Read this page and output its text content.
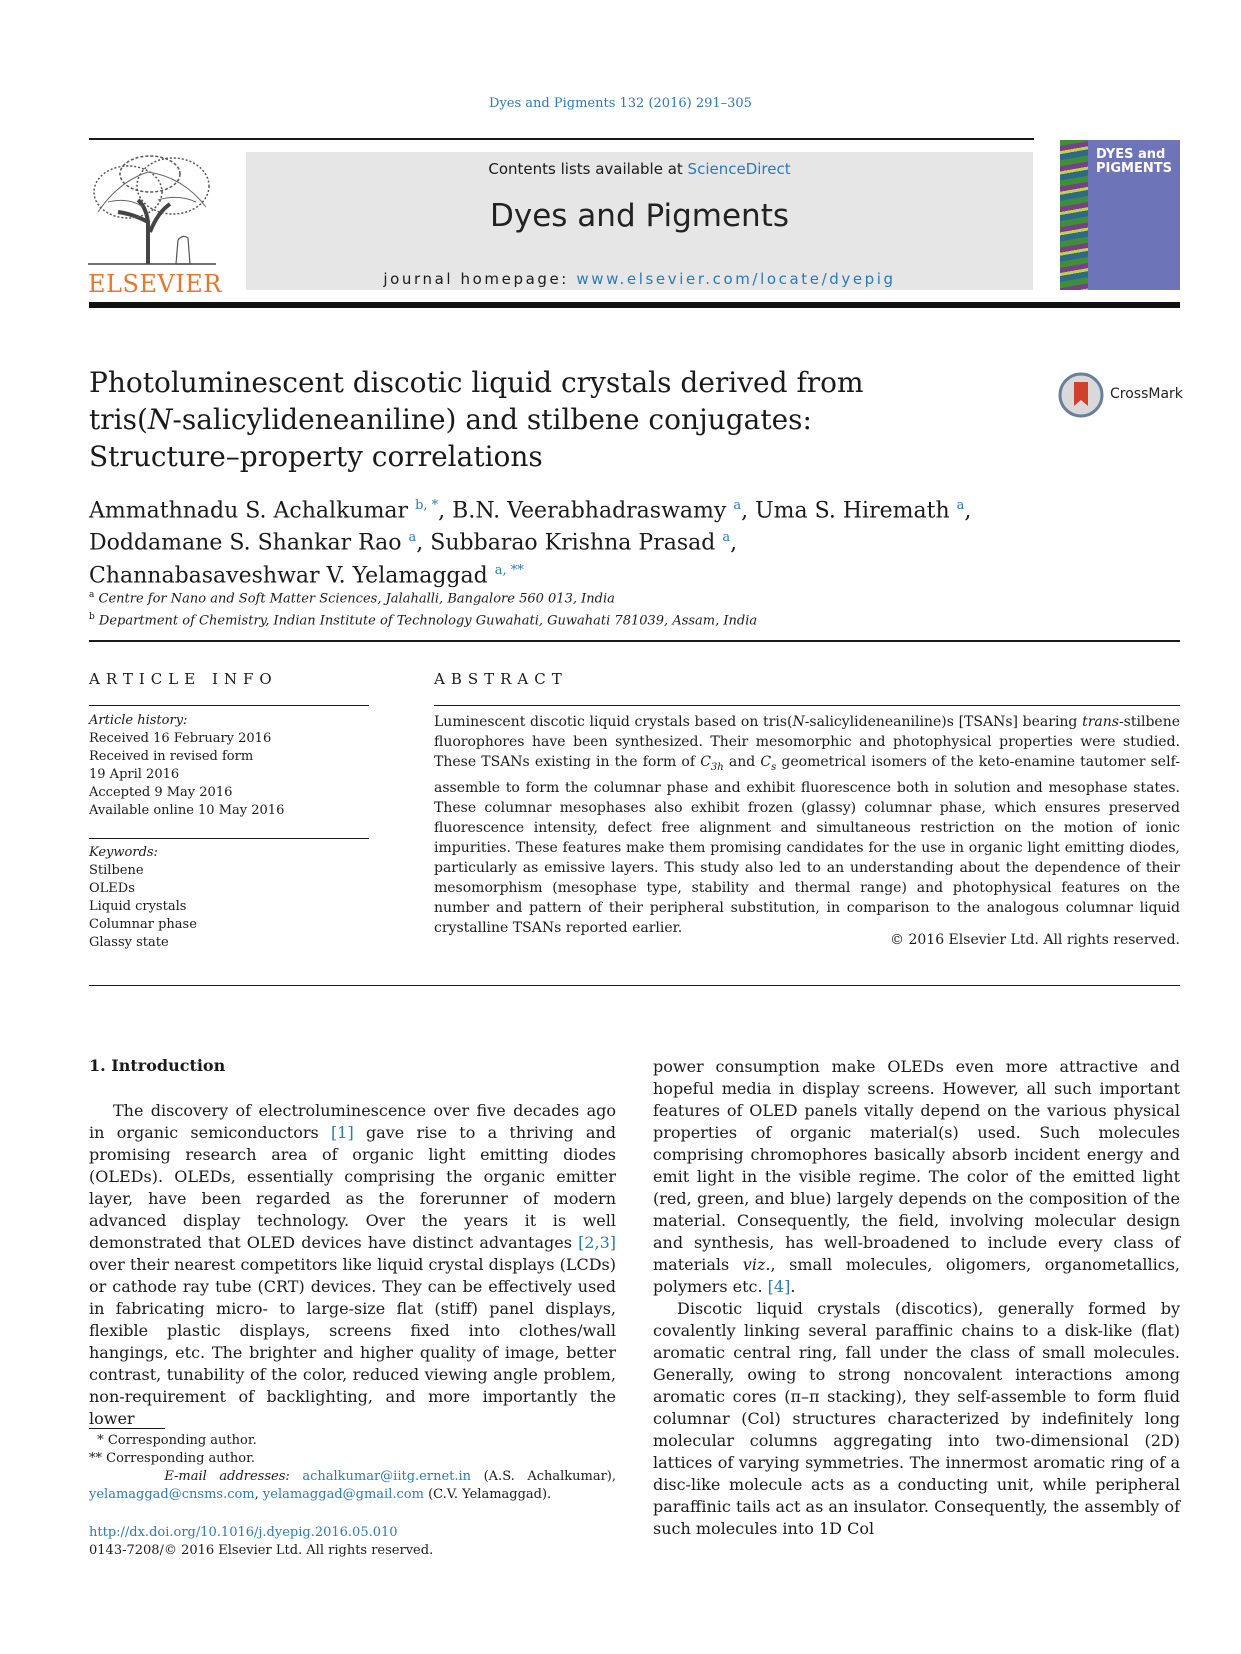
Dyes and Pigments 132 (2016) 291–305
ELSEVIER
Contents lists available at ScienceDirect
Dyes and Pigments
journal homepage: www.elsevier.com/locate/dyepig
DYES and PIGMENTS
Photoluminescent discotic liquid crystals derived from
tris(N-salicylideneaniline) and stilbene conjugates:
Structure–property correlations
CrossMark
Ammathnadu S. Achalkumar $^{b, *}$, B.N. Veerabhadraswamy $^a$, Uma S. Hiremath $^a$,
Doddamane S. Shankar Rao $^a$, Subbarao Krishna Prasad $^a$,
Channabasaveshwar V. Yelamaggad $^{a, **}$
$^a$ Centre for Nano and Soft Matter Sciences, Jalahalli, Bangalore 560 013, India
$^b$ Department of Chemistry, Indian Institute of Technology Guwahati, Guwahati 781039, Assam, India
ARTICLE INFO	ABSTRACT
Article history:
Received 16 February 2016
Received in revised form
19 April 2016
Accepted 9 May 2016
Available online 10 May 2016
Keywords:
Stilbene
OLEDs
Liquid crystals
Columnar phase
Glassy state
Luminescent discotic liquid crystals based on tris(N-salicylideneaniline)s [TSANs] bearing trans-stilbene fluorophores have been synthesized. Their mesomorphic and photophysical properties were studied. These TSANs existing in the form of $C_{3h}$ and $C_s$ geometrical isomers of the keto-enamine tautomer self-assemble to form the columnar phase and exhibit fluorescence both in solution and mesophase states. These columnar mesophases also exhibit frozen (glassy) columnar phase, which ensures preserved fluorescence intensity, defect free alignment and simultaneous restriction on the motion of ionic impurities. These features make them promising candidates for the use in organic light emitting diodes, particularly as emissive layers. This study also led to an understanding about the dependence of their mesomorphism (mesophase type, stability and thermal range) and photophysical features on the number and pattern of their peripheral substitution, in comparison to the analogous columnar liquid crystalline TSANs reported earlier.
© 2016 Elsevier Ltd. All rights reserved.
1. Introduction

The discovery of electroluminescence over five decades ago in organic semiconductors [1] gave rise to a thriving and promising research area of organic light emitting diodes (OLEDs). OLEDs, essentially comprising the organic emitter layer, have been regarded as the forerunner of modern advanced display technology. Over the years it is well demonstrated that OLED devices have distinct advantages [2,3] over their nearest competitors like liquid crystal displays (LCDs) or cathode ray tube (CRT) devices. They can be effectively used in fabricating micro- to large-size flat (stiff) panel displays, flexible plastic displays, screens fixed into clothes/wall hangings, etc. The brighter and higher quality of image, better contrast, tunability of the color, reduced viewing angle problem, non-requirement of backlighting, and more importantly the lower

power consumption make OLEDs even more attractive and hopeful media in display screens. However, all such important features of OLED panels vitally depend on the various physical properties of organic material(s) used. Such molecules comprising chromophores basically absorb incident energy and emit light in the visible regime. The color of the emitted light (red, green, and blue) largely depends on the composition of the material. Consequently, the field, involving molecular design and synthesis, has well-broadened to include every class of materials viz., small molecules, oligomers, organometallics, polymers etc. [4].

Discotic liquid crystals (discotics), generally formed by covalently linking several paraffinic chains to a disk-like (flat) aromatic central ring, fall under the class of small molecules. Generally, owing to strong noncovalent interactions among aromatic cores (π–π stacking), they self-assemble to form fluid columnar (Col) structures characterized by indefinitely long molecular columns aggregating into two-dimensional (2D) lattices of varying symmetries. The innermost aromatic ring of a disc-like molecule acts as a conducting unit, while peripheral paraffinic tails act as an insulator. Consequently, the assembly of such molecules into 1D Col

* Corresponding author.
** Corresponding author.
E-mail addresses: achalkumar@iitg.ernet.in (A.S. Achalkumar), yelamaggad@cnsms.com, yelamaggad@gmail.com (C.V. Yelamaggad).
http://dx.doi.org/10.1016/j.dyepig.2016.05.010
0143-7208/© 2016 Elsevier Ltd. All rights reserved.
